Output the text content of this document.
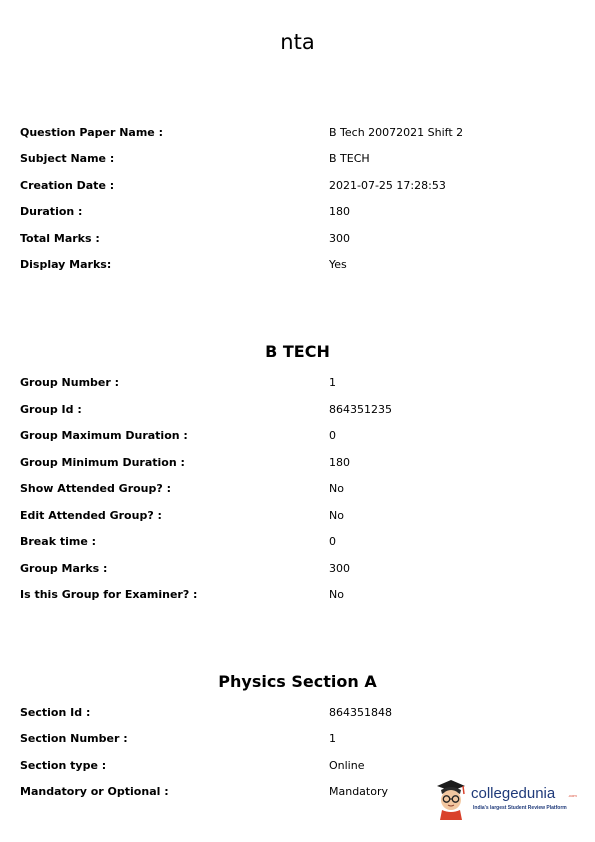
nta
Question Paper Name :	B Tech 20072021 Shift 2
Subject Name :	B TECH
Creation Date :	2021-07-25 17:28:53
Duration :	180
Total Marks :	300
Display Marks:	Yes
B TECH
Group Number :	1
Group Id :	864351235
Group Maximum Duration :	0
Group Minimum Duration :	180
Show Attended Group? :	No
Edit Attended Group? :	No
Break time :	0
Group Marks :	300
Is this Group for Examiner? :	No
Physics Section A
Section Id :	864351848
Section Number :	1
Section type :	Online
Mandatory or Optional :	Mandatory	collegedunia	.com
India's largest Student Review Platform
